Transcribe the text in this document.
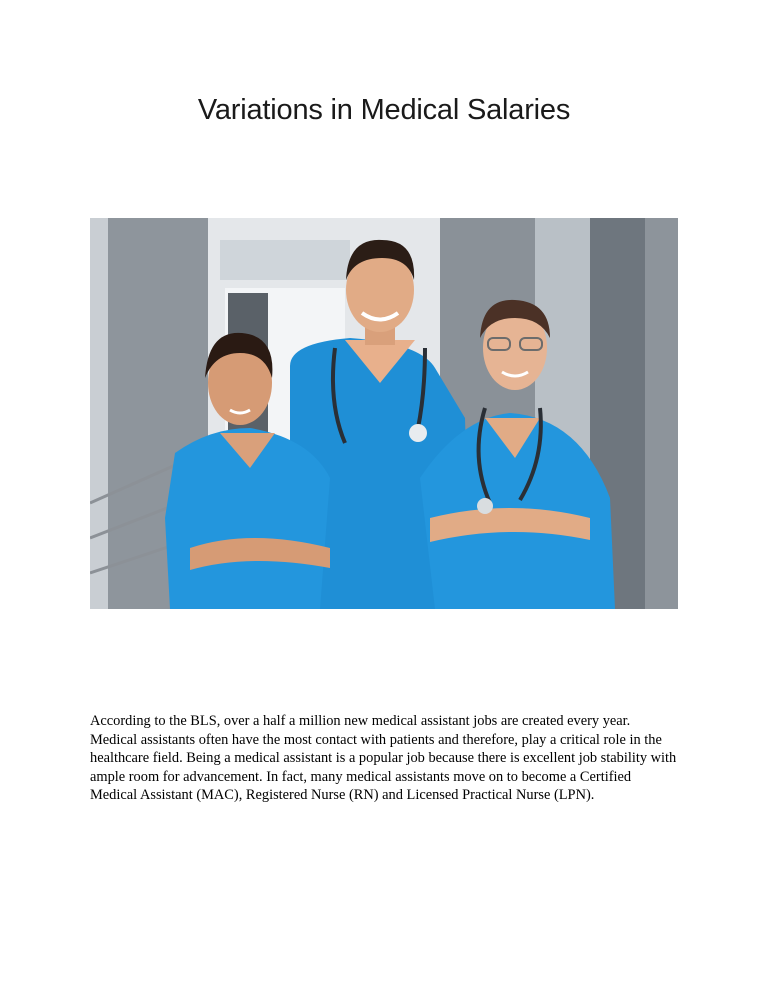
Variations in Medical Salaries
According to the BLS, over a half a million new medical assistant jobs are created every year. Medical assistants often have the most contact with patients and therefore, play a critical role in the healthcare field. Being a medical assistant is a popular job because there is excellent job stability with ample room for advancement. In fact, many medical assistants move on to become a Certified Medical Assistant (MAC), Registered Nurse (RN) and Licensed Practical Nurse (LPN).
